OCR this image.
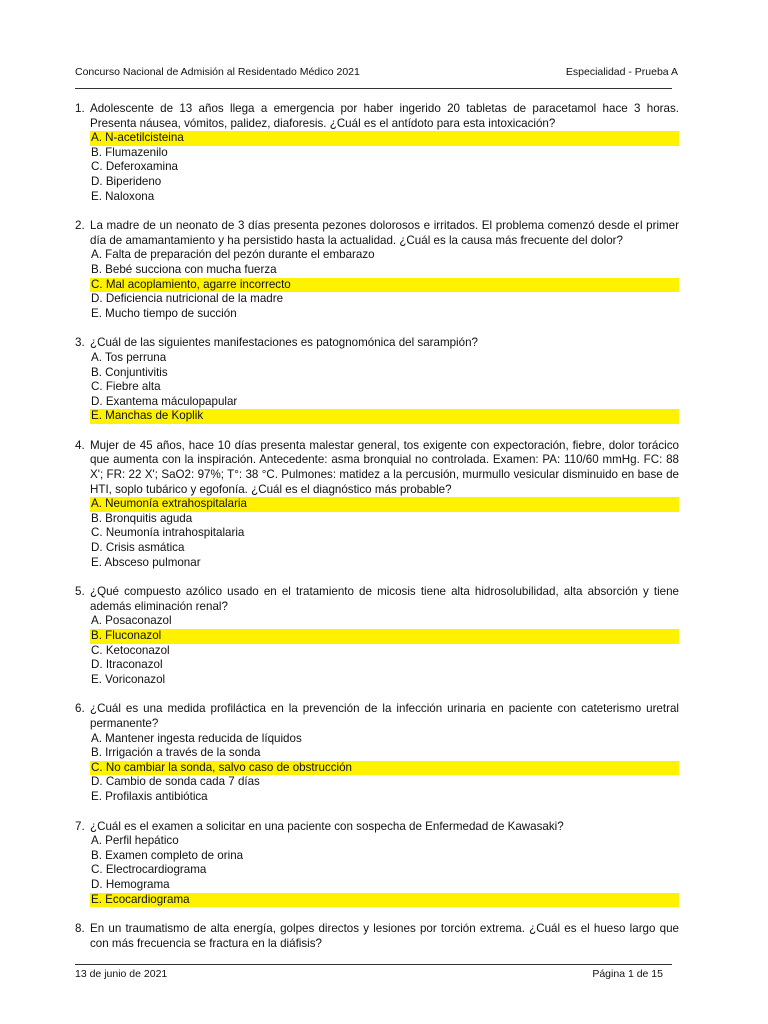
Concurso Nacional de Admisión al Residentado Médico 2021	Especialidad - Prueba A
1. Adolescente de 13 años llega a emergencia por haber ingerido 20 tabletas de paracetamol hace 3 horas. Presenta náusea, vómitos, palidez, diaforesis. ¿Cuál es el antídoto para esta intoxicación?
A. N-acetilcisteina
B. Flumazenilo
C. Deferoxamina
D. Biperideno
E. Naloxona
2. La madre de un neonato de 3 días presenta pezones dolorosos e irritados. El problema comenzó desde el primer día de amamantamiento y ha persistido hasta la actualidad. ¿Cuál es la causa más frecuente del dolor?
A. Falta de preparación del pezón durante el embarazo
B. Bebé succiona con mucha fuerza
C. Mal acoplamiento, agarre incorrecto
D. Deficiencia nutricional de la madre
E. Mucho tiempo de succión
3. ¿Cuál de las siguientes manifestaciones es patognomónica del sarampión?
A. Tos perruna
B. Conjuntivitis
C. Fiebre alta
D. Exantema máculopapular
E. Manchas de Koplik
4. Mujer de 45 años, hace 10 días presenta malestar general, tos exigente con expectoración, fiebre, dolor torácico que aumenta con la inspiración. Antecedente: asma bronquial no controlada. Examen: PA: 110/60 mmHg. FC: 88 X'; FR: 22 X'; SaO2: 97%; T°: 38 °C. Pulmones: matidez a la percusión, murmullo vesicular disminuido en base de HTI, soplo tubárico y egofonía. ¿Cuál es el diagnóstico más probable?
A. Neumonía extrahospitalaria
B. Bronquitis aguda
C. Neumonía intrahospitalaria
D. Crisis asmática
E. Absceso pulmonar
5. ¿Qué compuesto azólico usado en el tratamiento de micosis tiene alta hidrosolubilidad, alta absorción y tiene además eliminación renal?
A. Posaconazol
B. Fluconazol
C. Ketoconazol
D. Itraconazol
E. Voriconazol
6. ¿Cuál es una medida profiláctica en la prevención de la infección urinaria en paciente con cateterismo uretral permanente?
A. Mantener ingesta reducida de líquidos
B. Irrigación a través de la sonda
C. No cambiar la sonda, salvo caso de obstrucción
D. Cambio de sonda cada 7 días
E. Profilaxis antibiótica
7. ¿Cuál es el examen a solicitar en una paciente con sospecha de Enfermedad de Kawasaki?
A. Perfil hepático
B. Examen completo de orina
C. Electrocardiograma
D. Hemograma
E. Ecocardiograma
8. En un traumatismo de alta energía, golpes directos y lesiones por torción extrema. ¿Cuál es el hueso largo que con más frecuencia se fractura en la diáfisis?
13 de junio de 2021	Página 1 de 15
